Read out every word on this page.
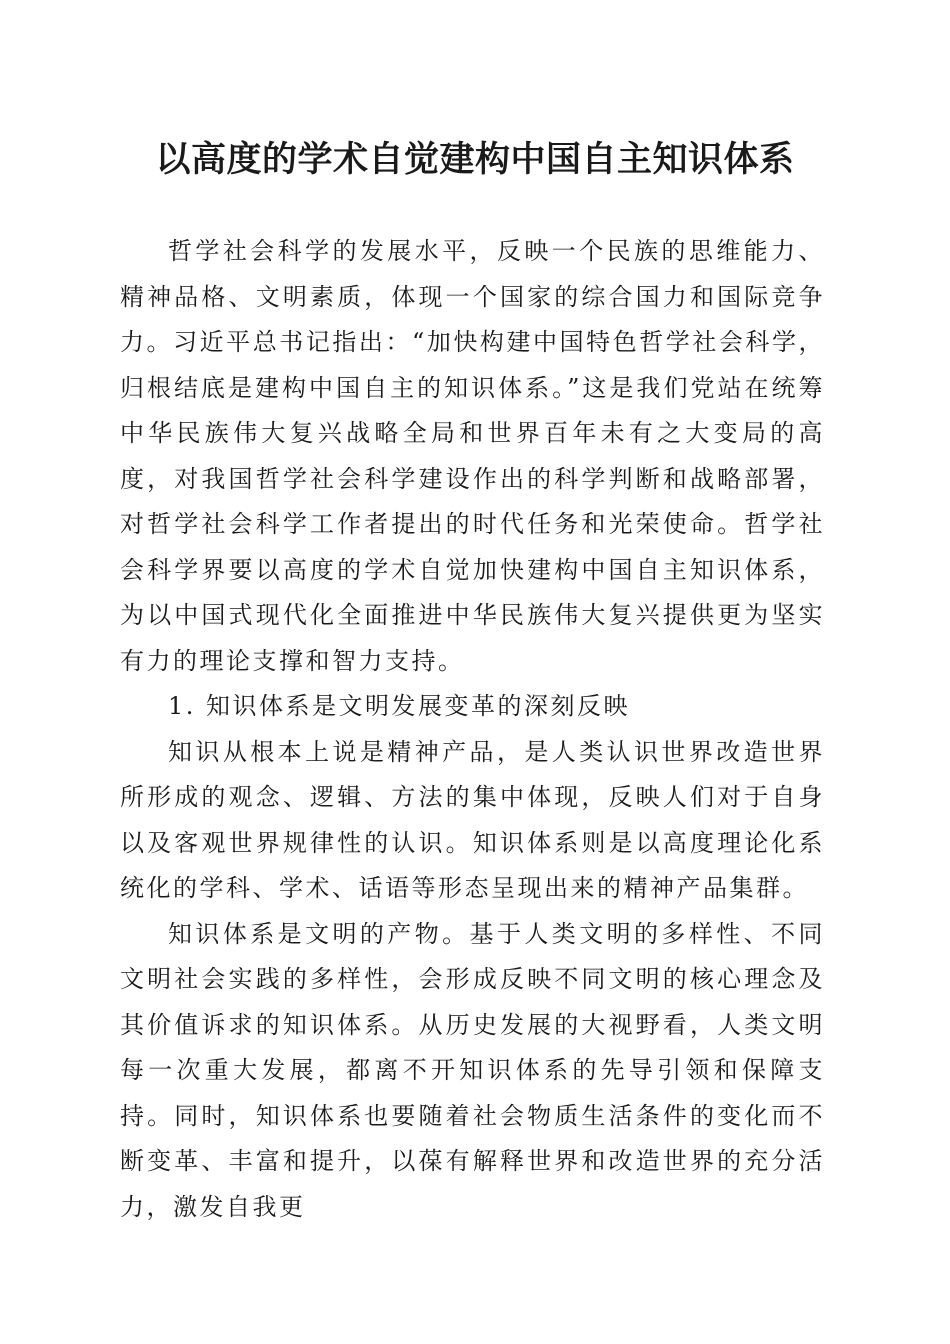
以高度的学术自觉建构中国自主知识体系

哲学社会科学的发展水平，反映一个民族的思维能力、精神品格、文明素质，体现一个国家的综合国力和国际竞争力。习近平总书记指出：“加快构建中国特色哲学社会科学，归根结底是建构中国自主的知识体系。”这是我们党站在统筹中华民族伟大复兴战略全局和世界百年未有之大变局的高度，对我国哲学社会科学建设作出的科学判断和战略部署，对哲学社会科学工作者提出的时代任务和光荣使命。哲学社会科学界要以高度的学术自觉加快建构中国自主知识体系，为以中国式现代化全面推进中华民族伟大复兴提供更为坚实有力的理论支撑和智力支持。

1. 知识体系是文明发展变革的深刻反映

知识从根本上说是精神产品，是人类认识世界改造世界所形成的观念、逻辑、方法的集中体现，反映人们对于自身以及客观世界规律性的认识。知识体系则是以高度理论化系统化的学科、学术、话语等形态呈现出来的精神产品集群。

知识体系是文明的产物。基于人类文明的多样性、不同文明社会实践的多样性，会形成反映不同文明的核心理念及其价值诉求的知识体系。从历史发展的大视野看，人类文明每一次重大发展，都离不开知识体系的先导引领和保障支持。同时，知识体系也要随着社会物质生活条件的变化而不断变革、丰富和提升，以葆有解释世界和改造世界的充分活力，激发自我更
